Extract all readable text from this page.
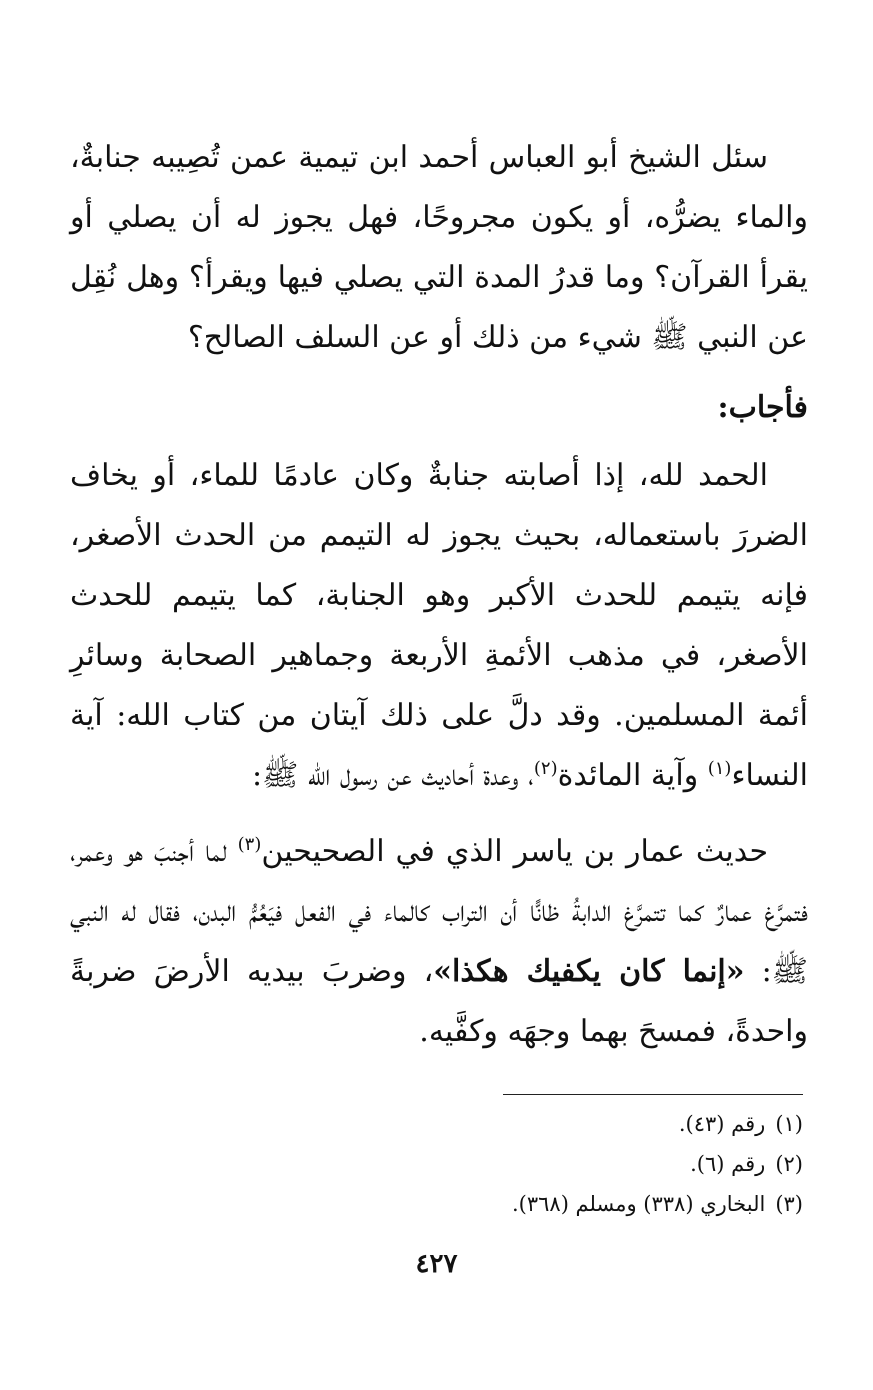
سئل الشيخ أبو العباس أحمد ابن تيمية عمن تُصِيبه جنابةٌ، والماء يضرُّه، أو يكون مجروحًا، فهل يجوز له أن يصلي أو يقرأ القرآن؟ وما قدرُ المدة التي يصلي فيها ويقرأ؟ وهل نُقِل عن النبي ﷺ شيء من ذلك أو عن السلف الصالح؟

فأجاب:

الحمد لله، إذا أصابته جنابةٌ وكان عادمًا للماء، أو يخاف الضررَ باستعماله، بحيث يجوز له التيمم من الحدث الأصغر، فإنه يتيمم للحدث الأكبر وهو الجنابة، كما يتيمم للحدث الأصغر، في مذهب الأئمةِ الأربعة وجماهير الصحابة وسائرِ أئمة المسلمين. وقد دلَّ على ذلك آيتان من كتاب الله: آية النساء$^{(١)}$ وآية المائدة$^{(٢)}$، وعدة أحاديث عن رسول الله ﷺ:

حديث عمار بن ياسر الذي في الصحيحين$^{(٣)}$ لما أجنبَ هو وعمر، فتمرَّغ عمارٌ كما تتمرَّغ الدابةُ ظانًّا أن التراب كالماء في الفعل فيَعُمُّ البدن، فقال له النبي ﷺ: «إنما كان يكفيك هكذا»، وضربَ بيديه الأرضَ ضربةً واحدةً، فمسحَ بهما وجهَه وكفَّيه.

(١)رقم (٤٣).

(٢)رقم (٦).

(٣)البخاري (٣٣٨) ومسلم (٣٦٨).

٤٢٧
